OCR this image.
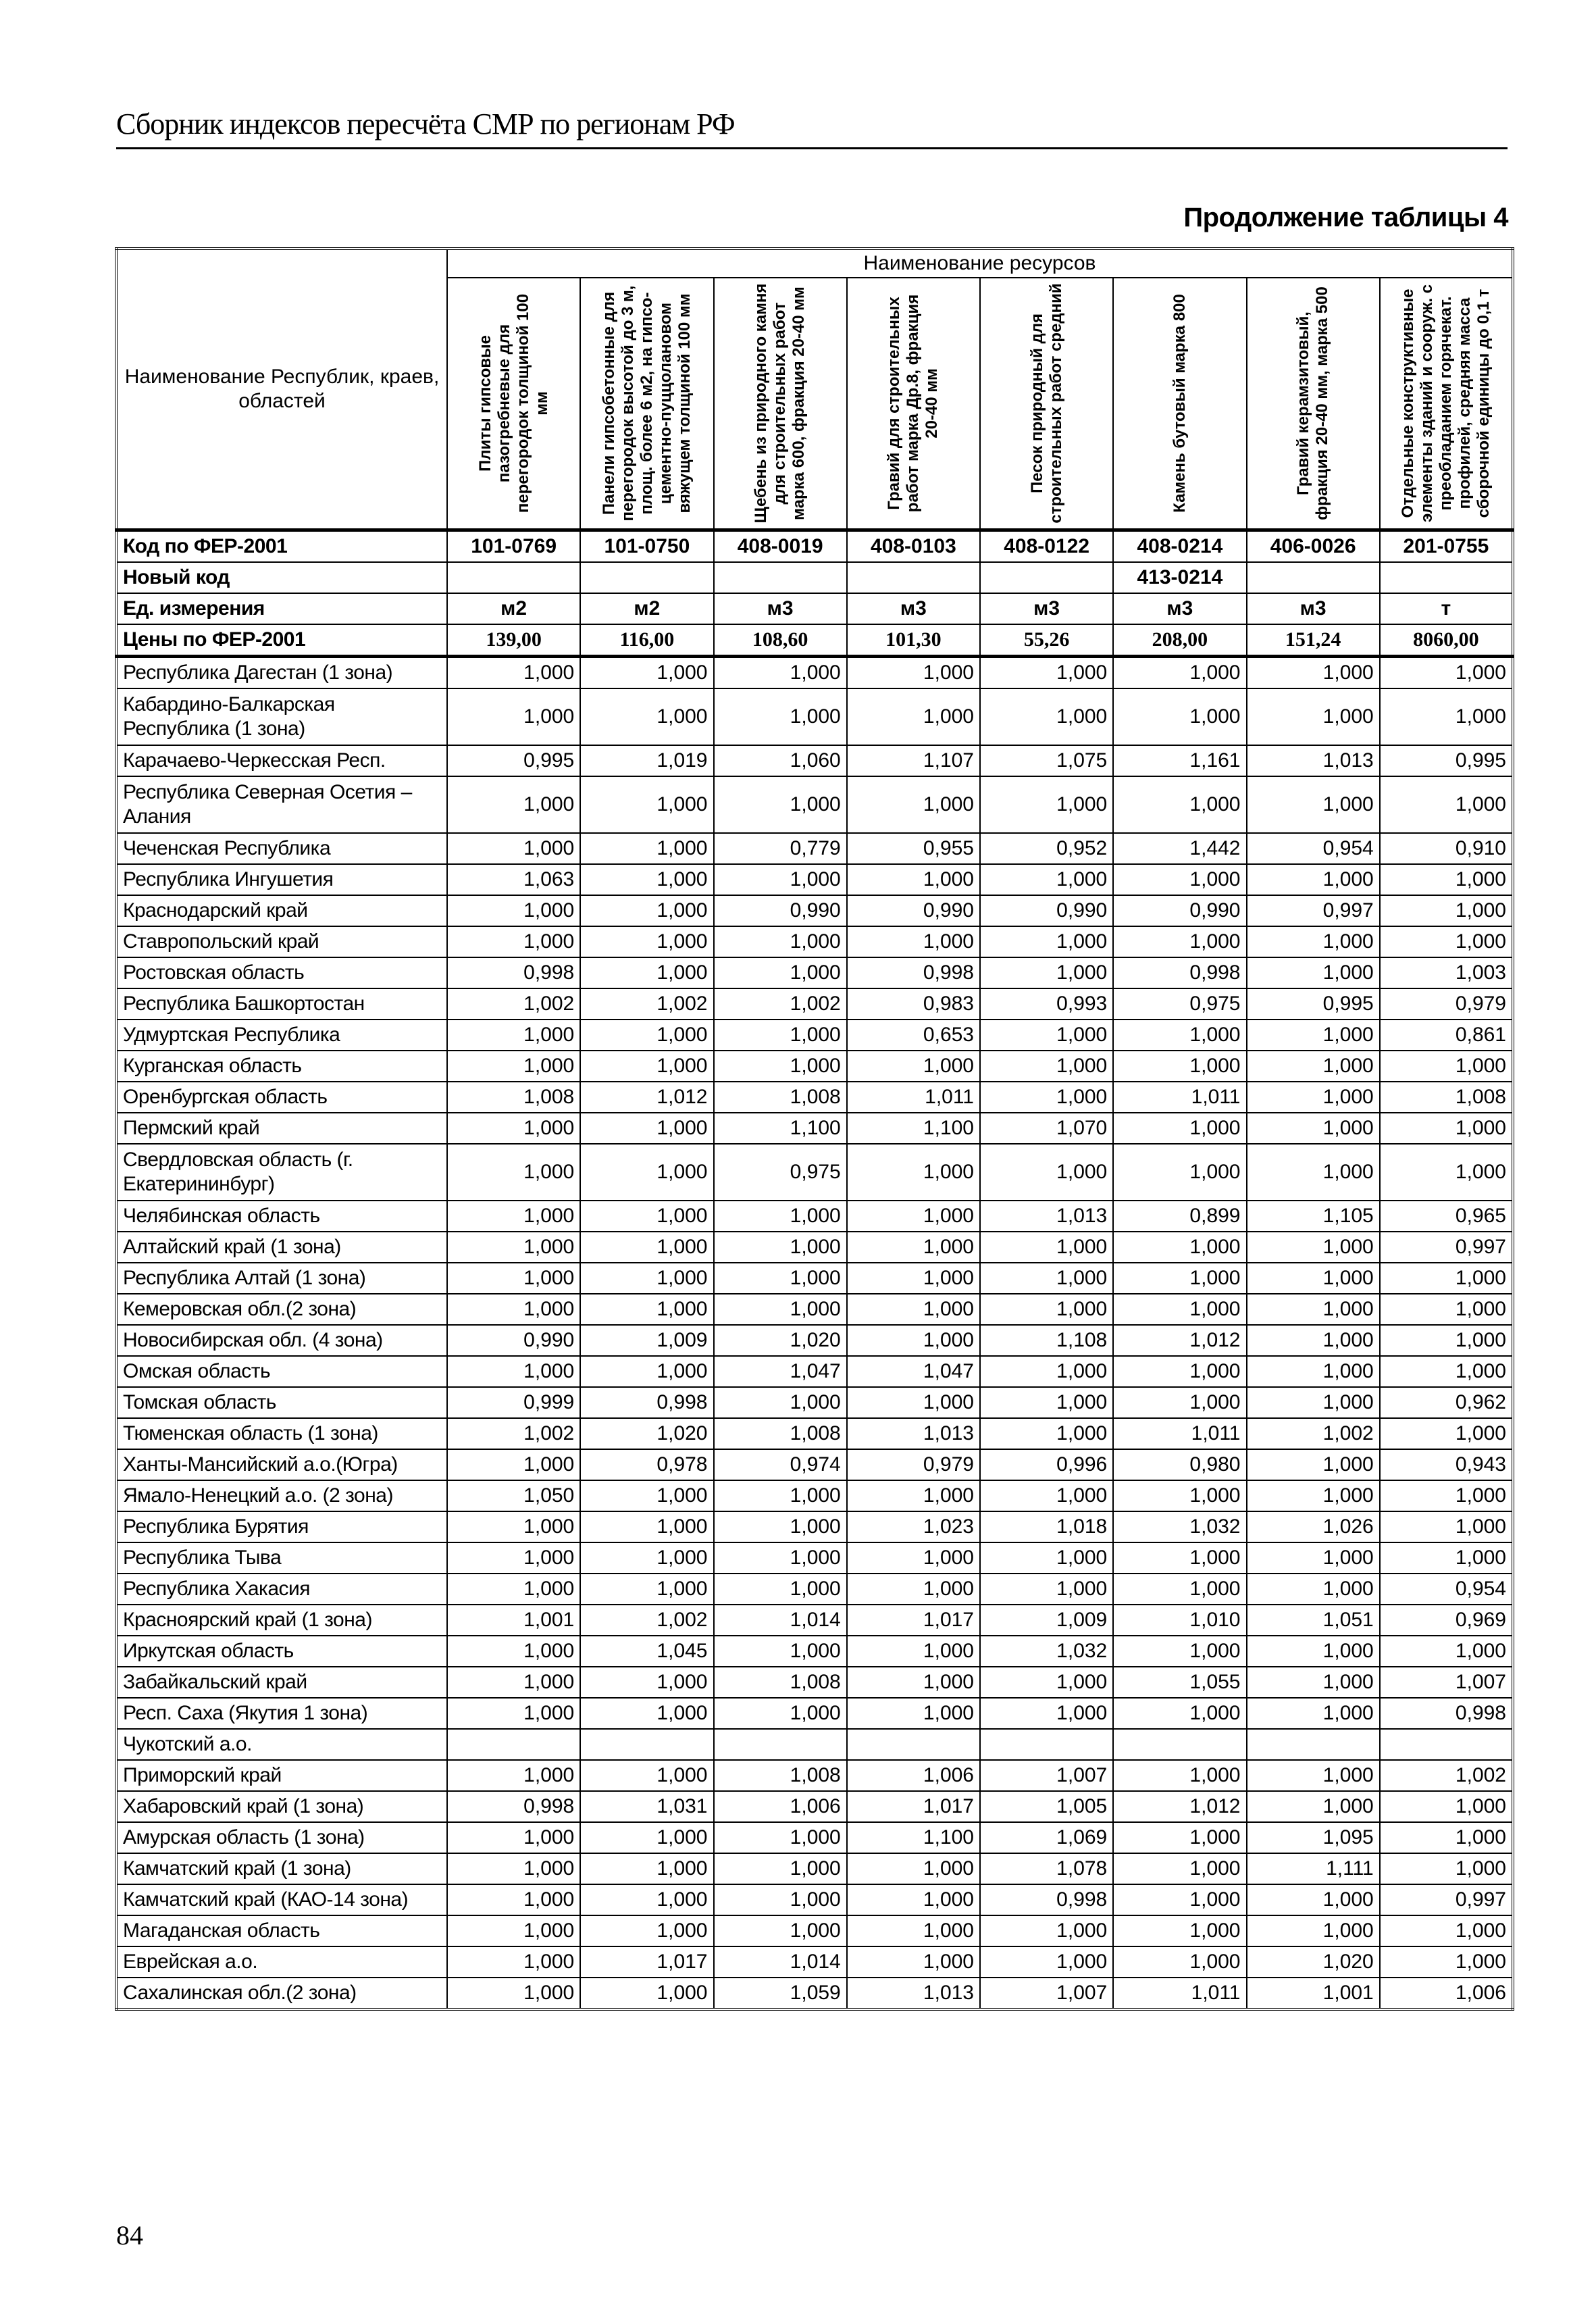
Сборник индексов пересчёта СМР по регионам РФ
Продолжение таблицы 4
Наименование Республик, краев, областей	Наименование ресурсов							

	Плиты гипсовые пазогребневые для перегородок толщиной 100 мм	Панели гипсобетонные для перегородок высотой до 3 м, площ. более 6 м2, на гипсо-цементно-пуццолановом вяжущем толщиной 100 мм	Щебень из природного камня для строительных работ марка 600, фракция 20-40 мм	Гравий для строительных работ марка Др.8, фракция 20-40 мм	Песок природный для строительных работ средний	Камень бутовый марка 800	Гравий керамзитовый, фракция 20-40 мм, марка 500	Отдельные конструктивные элементы зданий и сооруж. с преобладанием горячекат. профилей, средняя масса сборочной единицы до 0,1 т

Код по ФЕР-2001	101-0769	101-0750	408-0019	408-0103	408-0122	408-0214	406-0026	201-0755
Новый код						413-0214		
Ед. измерения	м2	м2	м3	м3	м3	м3	м3	т
Цены по ФЕР-2001	139,00	116,00	108,60	101,30	55,26	208,00	151,24	8060,00
Республика Дагестан (1 зона)	1,000	1,000	1,000	1,000	1,000	1,000	1,000	1,000
Кабардино-Балкарская Республика (1 зона)	1,000	1,000	1,000	1,000	1,000	1,000	1,000	1,000
Карачаево-Черкесская Респ.	0,995	1,019	1,060	1,107	1,075	1,161	1,013	0,995
Республика Северная Осетия – Алания	1,000	1,000	1,000	1,000	1,000	1,000	1,000	1,000
Чеченская Республика	1,000	1,000	0,779	0,955	0,952	1,442	0,954	0,910
Республика Ингушетия	1,063	1,000	1,000	1,000	1,000	1,000	1,000	1,000
Краснодарский край	1,000	1,000	0,990	0,990	0,990	0,990	0,997	1,000
Ставропольский край	1,000	1,000	1,000	1,000	1,000	1,000	1,000	1,000
Ростовская область	0,998	1,000	1,000	0,998	1,000	0,998	1,000	1,003
Республика Башкортостан	1,002	1,002	1,002	0,983	0,993	0,975	0,995	0,979
Удмуртская Республика	1,000	1,000	1,000	0,653	1,000	1,000	1,000	0,861
Курганская область	1,000	1,000	1,000	1,000	1,000	1,000	1,000	1,000
Оренбургская область	1,008	1,012	1,008	1,011	1,000	1,011	1,000	1,008
Пермский край	1,000	1,000	1,100	1,100	1,070	1,000	1,000	1,000
Свердловская область (г. Екатерининбург)	1,000	1,000	0,975	1,000	1,000	1,000	1,000	1,000
Челябинская область	1,000	1,000	1,000	1,000	1,013	0,899	1,105	0,965
Алтайский край (1 зона)	1,000	1,000	1,000	1,000	1,000	1,000	1,000	0,997
Республика Алтай (1 зона)	1,000	1,000	1,000	1,000	1,000	1,000	1,000	1,000
Кемеровская обл.(2 зона)	1,000	1,000	1,000	1,000	1,000	1,000	1,000	1,000
Новосибирская обл. (4 зона)	0,990	1,009	1,020	1,000	1,108	1,012	1,000	1,000
Омская область	1,000	1,000	1,047	1,047	1,000	1,000	1,000	1,000
Томская область	0,999	0,998	1,000	1,000	1,000	1,000	1,000	0,962
Тюменская область (1 зона)	1,002	1,020	1,008	1,013	1,000	1,011	1,002	1,000
Ханты-Мансийский а.о.(Югра)	1,000	0,978	0,974	0,979	0,996	0,980	1,000	0,943
Ямало-Ненецкий а.о. (2 зона)	1,050	1,000	1,000	1,000	1,000	1,000	1,000	1,000
Республика Бурятия	1,000	1,000	1,000	1,023	1,018	1,032	1,026	1,000
Республика Тыва	1,000	1,000	1,000	1,000	1,000	1,000	1,000	1,000
Республика Хакасия	1,000	1,000	1,000	1,000	1,000	1,000	1,000	0,954
Красноярский край (1 зона)	1,001	1,002	1,014	1,017	1,009	1,010	1,051	0,969
Иркутская область	1,000	1,045	1,000	1,000	1,032	1,000	1,000	1,000
Забайкальский край	1,000	1,000	1,008	1,000	1,000	1,055	1,000	1,007
Респ. Саха (Якутия 1 зона)	1,000	1,000	1,000	1,000	1,000	1,000	1,000	0,998
Чукотский а.о.								
Приморский край	1,000	1,000	1,008	1,006	1,007	1,000	1,000	1,002
Хабаровский край (1 зона)	0,998	1,031	1,006	1,017	1,005	1,012	1,000	1,000
Амурская область (1 зона)	1,000	1,000	1,000	1,100	1,069	1,000	1,095	1,000
Камчатский край (1 зона)	1,000	1,000	1,000	1,000	1,078	1,000	1,111	1,000
Камчатский край (КАО-14 зона)	1,000	1,000	1,000	1,000	0,998	1,000	1,000	0,997
Магаданская область	1,000	1,000	1,000	1,000	1,000	1,000	1,000	1,000
Еврейская а.о.	1,000	1,017	1,014	1,000	1,000	1,000	1,020	1,000
Сахалинская обл.(2 зона)	1,000	1,000	1,059	1,013	1,007	1,011	1,001	1,006
84
